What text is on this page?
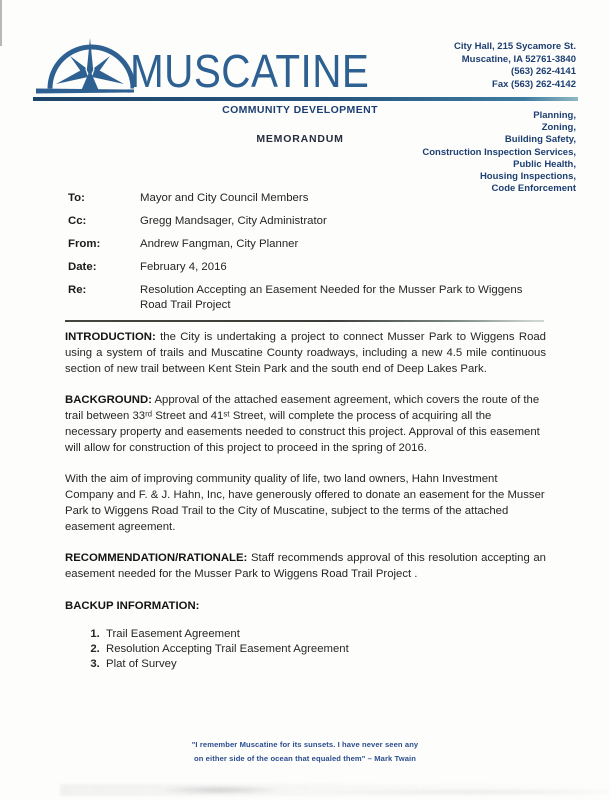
MUSCATINE	City Hall, 215 Sycamore St.
Muscatine, IA 52761-3840
(563) 262-4141
Fax (563) 262-4142
COMMUNITY DEVELOPMENT
MEMORANDUM
Planning,
Zoning,
Building Safety,
Construction Inspection Services,
Public Health,
Housing Inspections,
Code Enforcement
To:	Mayor and City Council Members
Cc:	Gregg Mandsager, City Administrator
From:	Andrew Fangman, City Planner
Date:	February 4, 2016
Re:	Resolution Accepting an Easement Needed for the Musser Park to Wiggens Road Trail Project

INTRODUCTION: the City is undertaking a project to connect Musser Park to Wiggens Road using a system of trails and Muscatine County roadways, including a new 4.5 mile continuous section of new trail between Kent Stein Park and the south end of Deep Lakes Park.

BACKGROUND: Approval of the attached easement agreement, which covers the route of the trail between 33ʳᵈ Street and 41ˢᵗ Street, will complete the process of acquiring all the necessary property and easements needed to construct this project. Approval of this easement will allow for construction of this project to proceed in the spring of 2016.

With the aim of improving community quality of life, two land owners, Hahn Investment Company and F. & J. Hahn, Inc, have generously offered to donate an easement for the Musser Park to Wiggens Road Trail to the City of Muscatine, subject to the terms of the attached easement agreement.

RECOMMENDATION/RATIONALE: Staff recommends approval of this resolution accepting an easement needed for the Musser Park to Wiggens Road Trail Project .

BACKUP INFORMATION:

1. Trail Easement Agreement
2. Resolution Accepting Trail Easement Agreement
3. Plat of Survey
"I remember Muscatine for its sunsets. I have never seen any
on either side of the ocean that equaled them" – Mark Twain
